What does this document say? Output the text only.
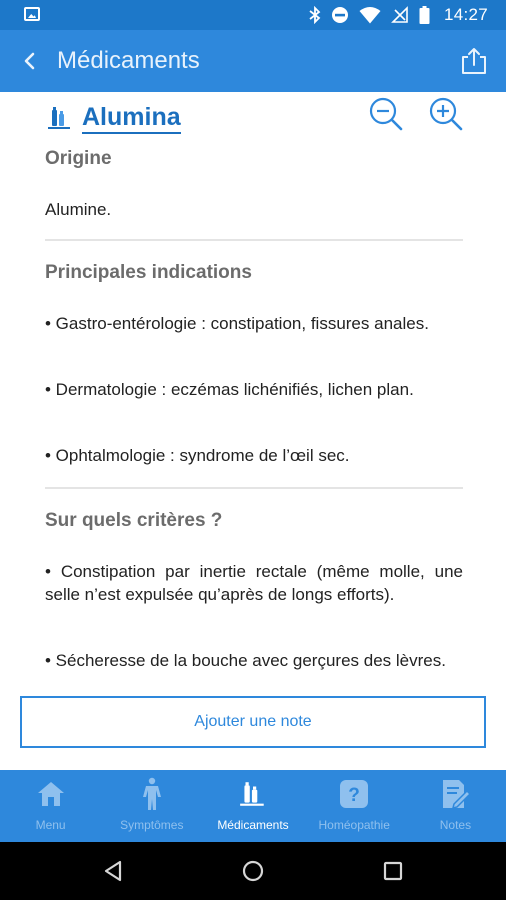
14:27
Médicaments
Alumina
Origine

Alumine.

Principales indications

• Gastro-entérologie : constipation, fissures anales.

• Dermatologie : eczémas lichénifiés, lichen plan.

• Ophtalmologie : syndrome de l’œil sec.

Sur quels critères ?

• Constipation par inertie rectale (même molle, une selle n’est expulsée qu’après de longs efforts).

• Sécheresse de la bouche avec gerçures des lèvres.

Ajouter une note
Menu	Symptômes	Médicaments
?
Homéopathie	Notes
